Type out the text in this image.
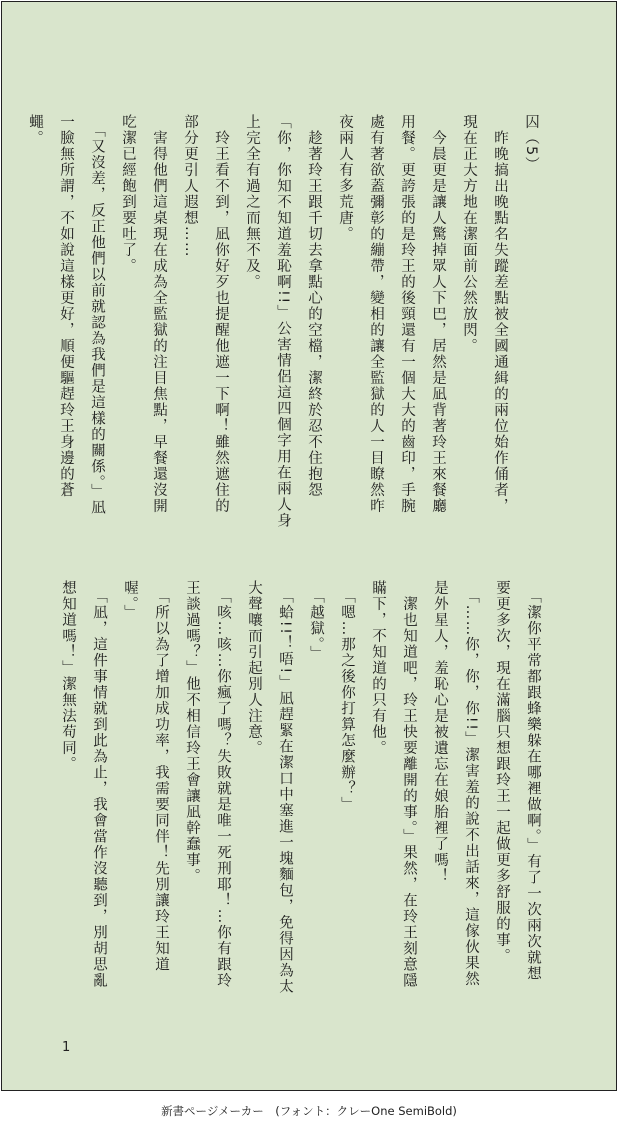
囚（5）
　昨晚搞出晚點名失蹤差點被全國通緝的兩位始作俑者，現在正大方地在潔面前公然放閃。
　今晨更是讓人驚掉眾人下巴，居然是凪背著玲王來餐廳用餐。更誇張的是玲王的後頸還有一個大大的齒印，手腕處有著欲蓋彌彰的繃帶，變相的讓全監獄的人一目瞭然昨夜兩人有多荒唐。
　趁著玲王跟千切去拿點心的空檔，潔終於忍不住抱怨「你，你知不知道羞恥啊!!」公害情侶這四個字用在兩人身上完全有過之而無不及。
　玲王看不到，凪你好歹也提醒他遮一下啊！雖然遮住的部分更引人遐想……
　害得他們這桌現在成為全監獄的注目焦點，早餐還沒開吃潔已經飽到要吐了。
　「又沒差，反正他們以前就認為我們是這樣的關係。」凪一臉無所謂，不如說這樣更好，順便驅趕玲王身邊的蒼蠅。
　「潔你平常都跟蜂樂躲在哪裡做啊。」有了一次兩次就想要更多次，現在滿腦只想跟玲王一起做更多舒服的事。
　「……你，你，你!!」潔害羞的說不出話來，這傢伙果然是外星人，羞恥心是被遺忘在娘胎裡了嗎！
　潔也知道吧，玲王快要離開的事。」果然，在玲王刻意隱瞞下，不知道的只有他。
　「嗯…那之後你打算怎麼辦？」
　「越獄。」
　「蛤!!！唔!」凪趕緊在潔口中塞進一塊麵包，免得因為太大聲嚷而引起別人注意。
　「咳…咳…你瘋了嗎？失敗就是唯一死刑耶！…你有跟玲王談過嗎？」他不相信玲王會讓凪幹蠢事。
　「所以為了增加成功率，我需要同伴！先別讓玲王知道喔。」
　「凪，這件事情就到此為止，我會當作沒聽到，別胡思亂想知道嗎！」潔無法苟同。
1
新書ページメーカー　(フォント：クレーOne SemiBold)
